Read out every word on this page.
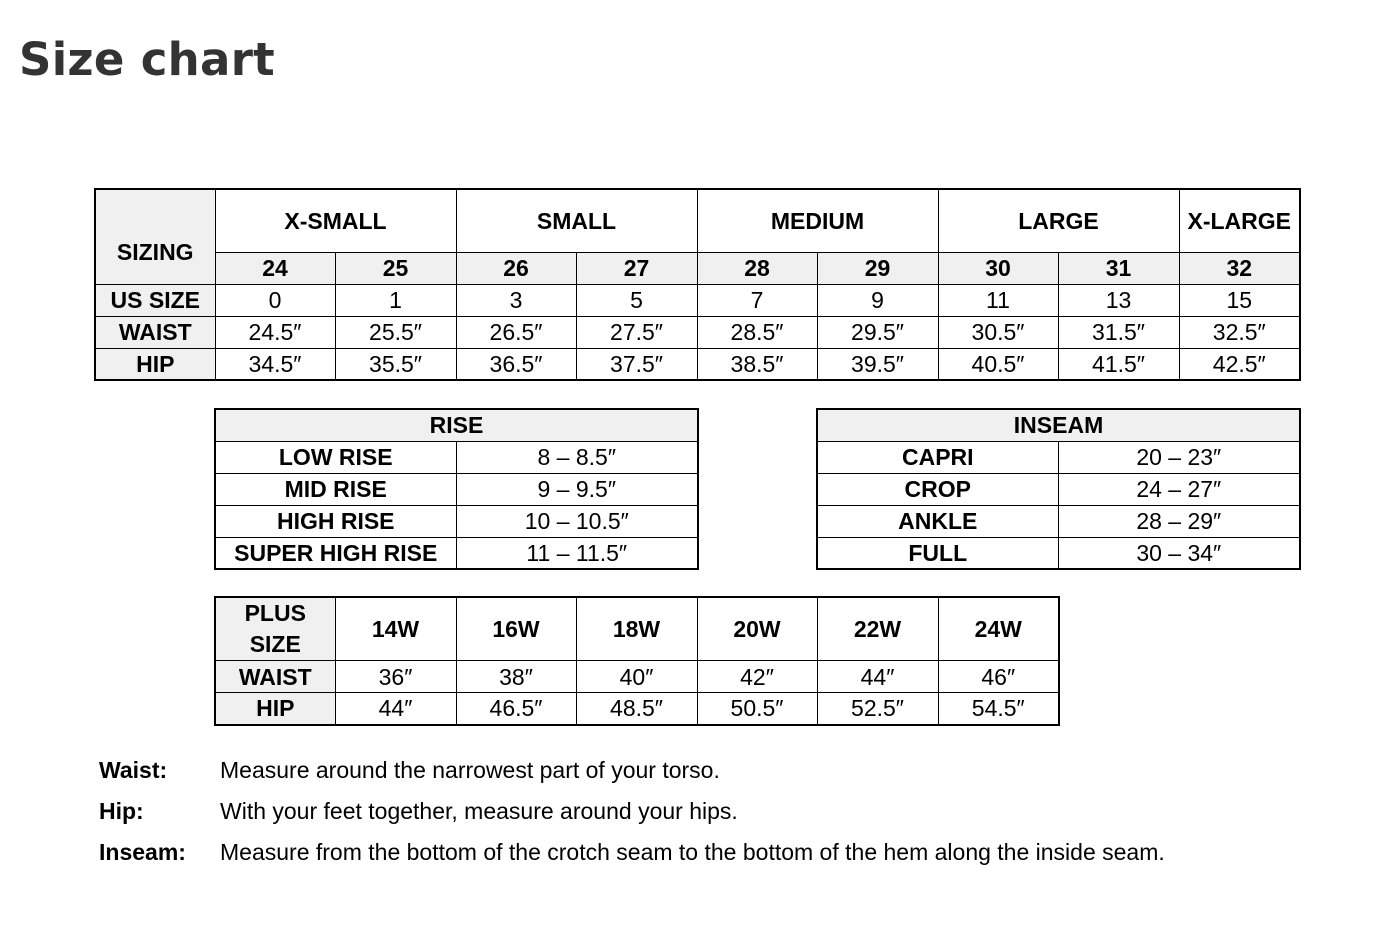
Size chart
SIZING	X-SMALL		SMALL		MEDIUM		LARGE		X-LARGE
	24	25	26	27	28	29	30	31	32
US SIZE	0	1	3	5	7	9	11	13	15
WAIST	24.5″	25.5″	26.5″	27.5″	28.5″	29.5″	30.5″	31.5″	32.5″
HIP	34.5″	35.5″	36.5″	37.5″	38.5″	39.5″	40.5″	41.5″	42.5″
RISE	
LOW RISE	8 – 8.5″
MID RISE	9 – 9.5″
HIGH RISE	10 – 10.5″
SUPER HIGH RISE	11 – 11.5″
INSEAM	
CAPRI	20 – 23″
CROP	24 – 27″
ANKLE	28 – 29″
FULL	30 – 34″
PLUS
SIZE	14W	16W	18W	20W	22W	24W
WAIST	36″	38″	40″	42″	44″	46″
HIP	44″	46.5″	48.5″	50.5″	52.5″	54.5″
Waist: Measure around the narrowest part of your torso.
Hip:	With your feet together, measure around your hips.
Inseam: Measure from the bottom of the crotch seam to the bottom of the hem along the inside seam.
